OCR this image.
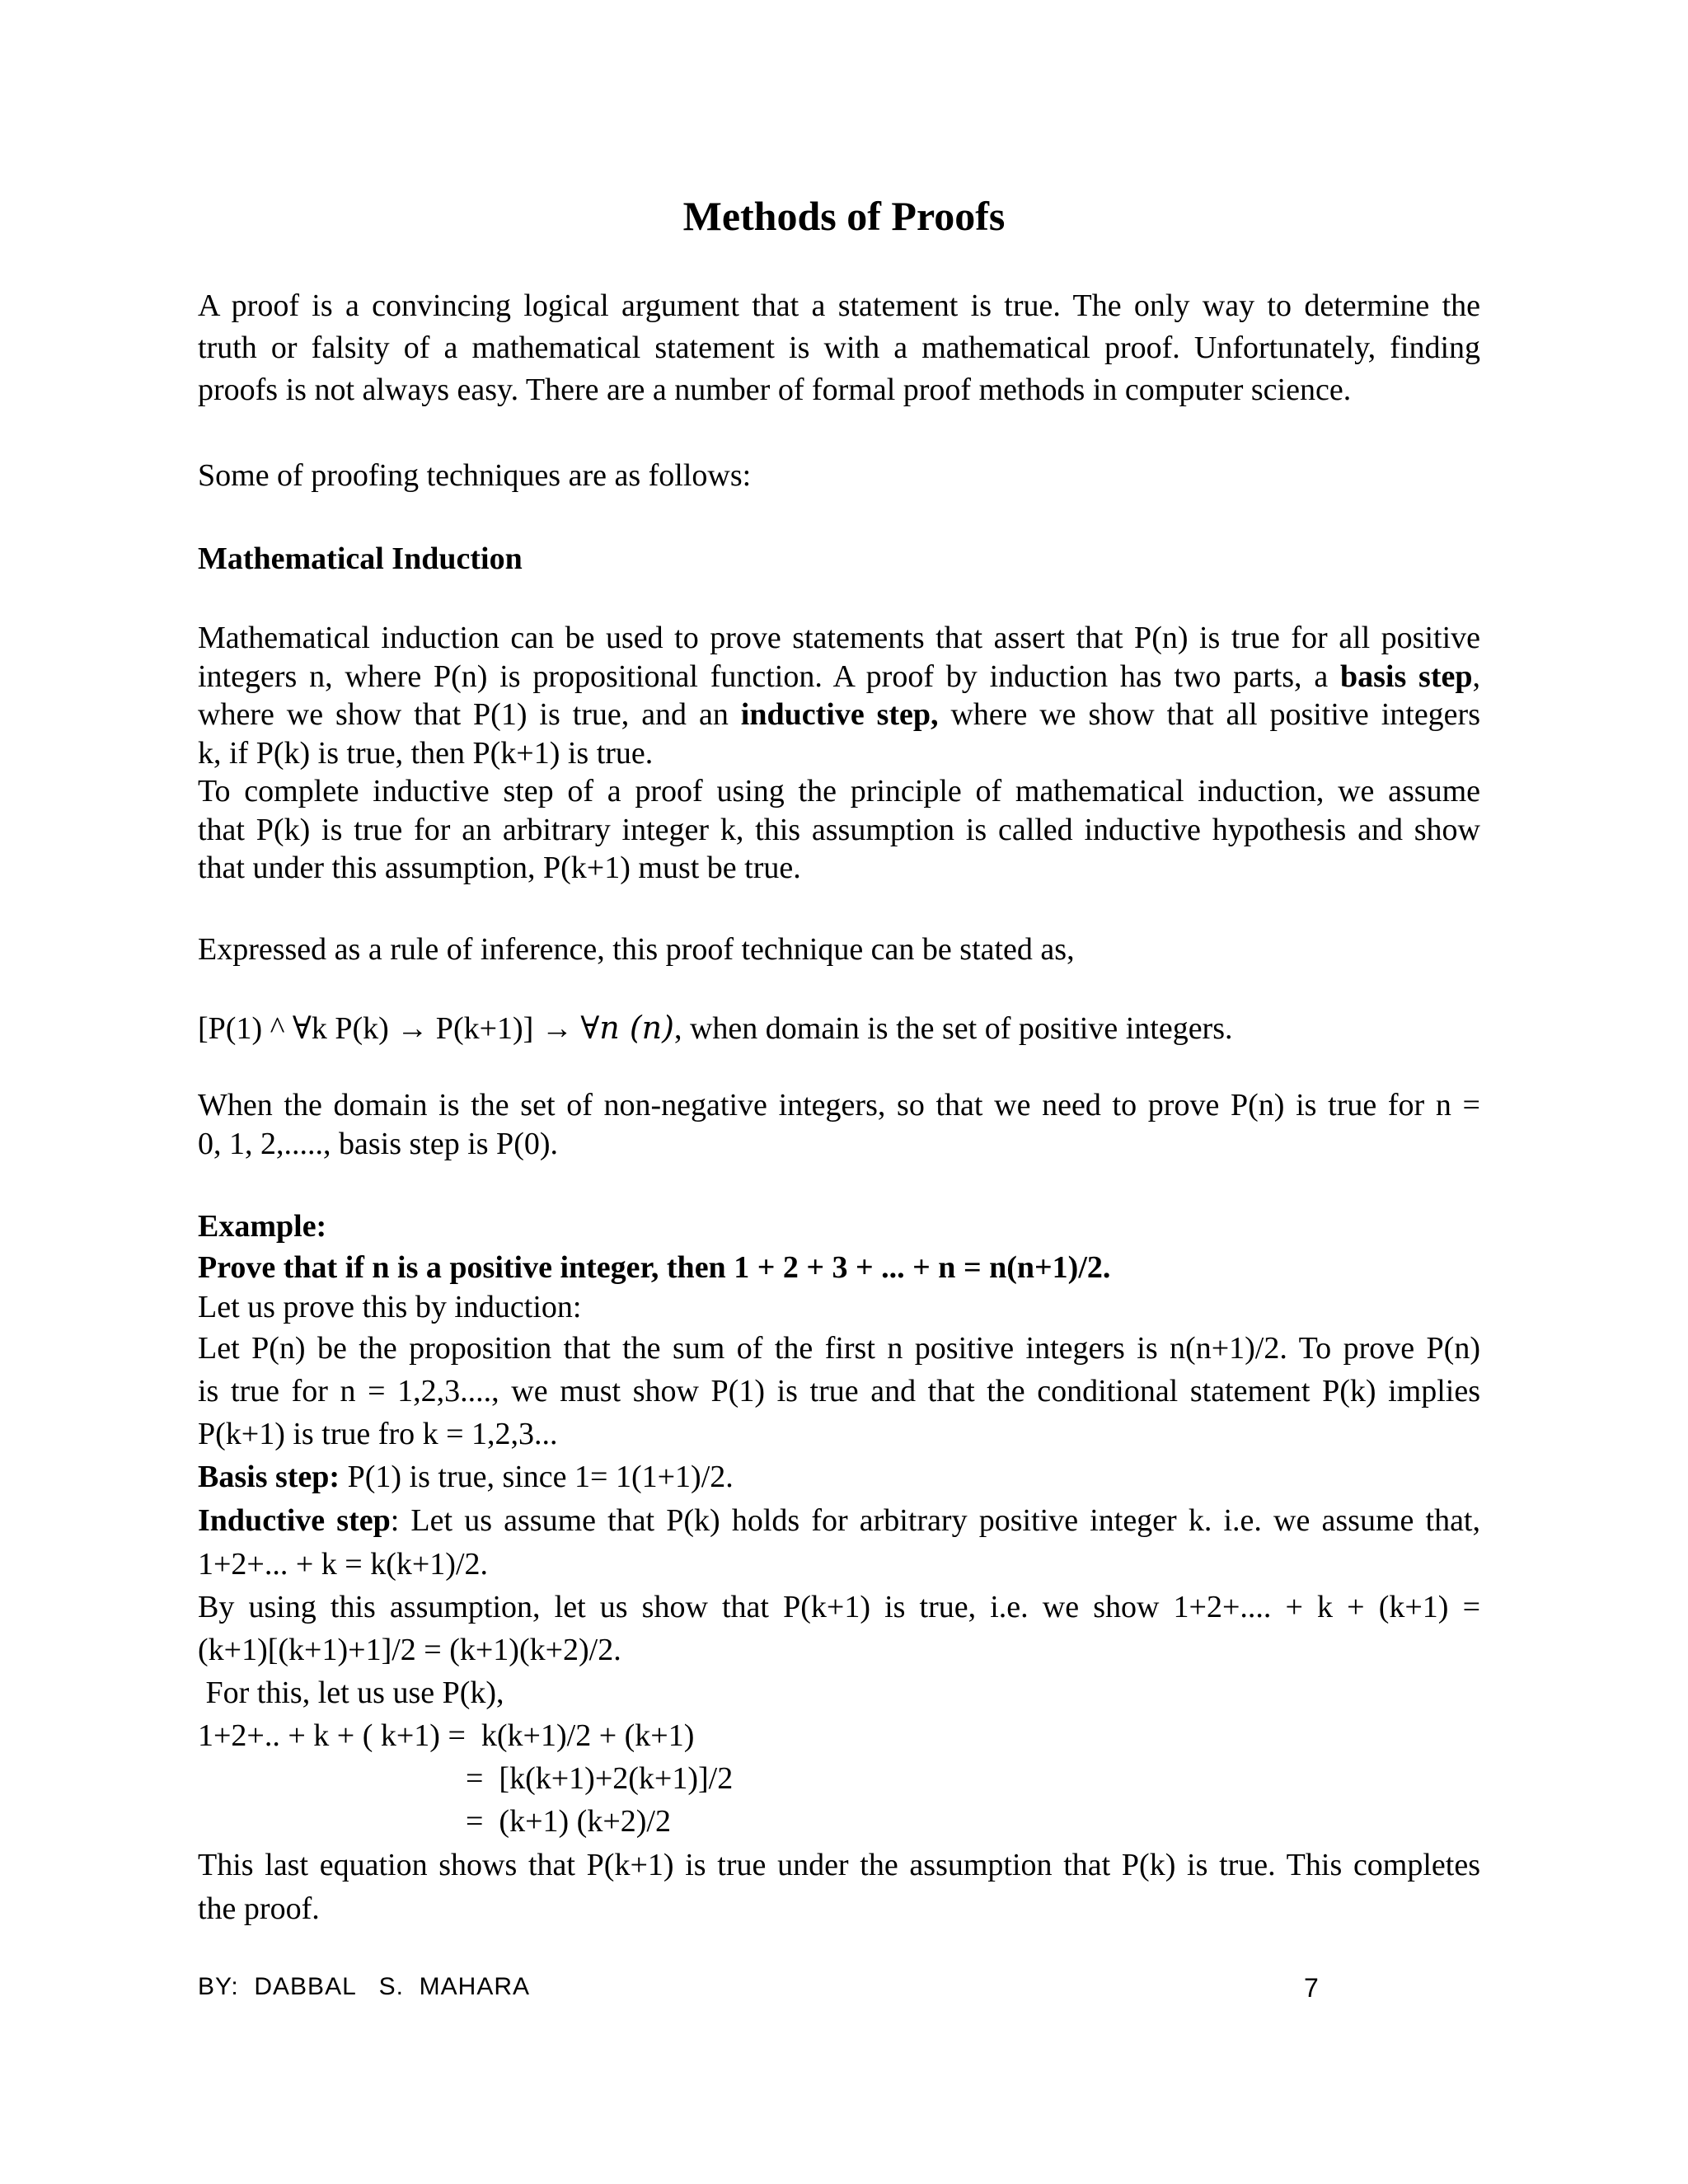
Methods of Proofs
A proof is a convincing logical argument that a statement is true. The only way to determine the
truth or falsity of a mathematical statement is with a mathematical proof. Unfortunately, finding
proofs is not always easy. There are a number of formal proof methods in computer science.
Some of proofing techniques are as follows:
Mathematical Induction
Mathematical induction can be used to prove statements that assert that P(n) is true for all positive
integers n, where P(n) is propositional function. A proof by induction has two parts, a basis step,
where we show that P(1) is true, and an inductive step, where we show that all positive integers
k, if P(k) is true, then P(k+1) is true.
To complete inductive step of a proof using the principle of mathematical induction, we assume
that P(k) is true for an arbitrary integer k, this assumption is called inductive hypothesis and show
that under this assumption, P(k+1) must be true.
Expressed as a rule of inference, this proof technique can be stated as,
[P(1) ^ ∀k P(k) → P(k+1)] → ∀n (n), when domain is the set of positive integers.
When the domain is the set of non-negative integers, so that we need to prove P(n) is true for n =
0, 1, 2,....., basis step is P(0).
Example:
Prove that if n is a positive integer, then 1 + 2 + 3 + ... + n = n(n+1)/2.
Let us prove this by induction:
Let P(n) be the proposition that the sum of the first n positive integers is n(n+1)/2. To prove P(n)
is true for n = 1,2,3...., we must show P(1) is true and that the conditional statement P(k) implies
P(k+1) is true fro k = 1,2,3...
Basis step: P(1) is true, since 1= 1(1+1)/2.
Inductive step: Let us assume that P(k) holds for arbitrary positive integer k. i.e. we assume that,
1+2+... + k = k(k+1)/2.
By using this assumption, let us show that P(k+1) is true, i.e. we show 1+2+.... + k + (k+1) =
(k+1)[(k+1)+1]/2 = (k+1)(k+2)/2.
For this, let us use P(k),
1+2+.. + k + ( k+1) =  k(k+1)/2 + (k+1)
=  [k(k+1)+2(k+1)]/2
=  (k+1) (k+2)/2
This last equation shows that P(k+1) is true under the assumption that P(k) is true. This completes
the proof.
BY:  DABBAL   S.  MAHARA	7
